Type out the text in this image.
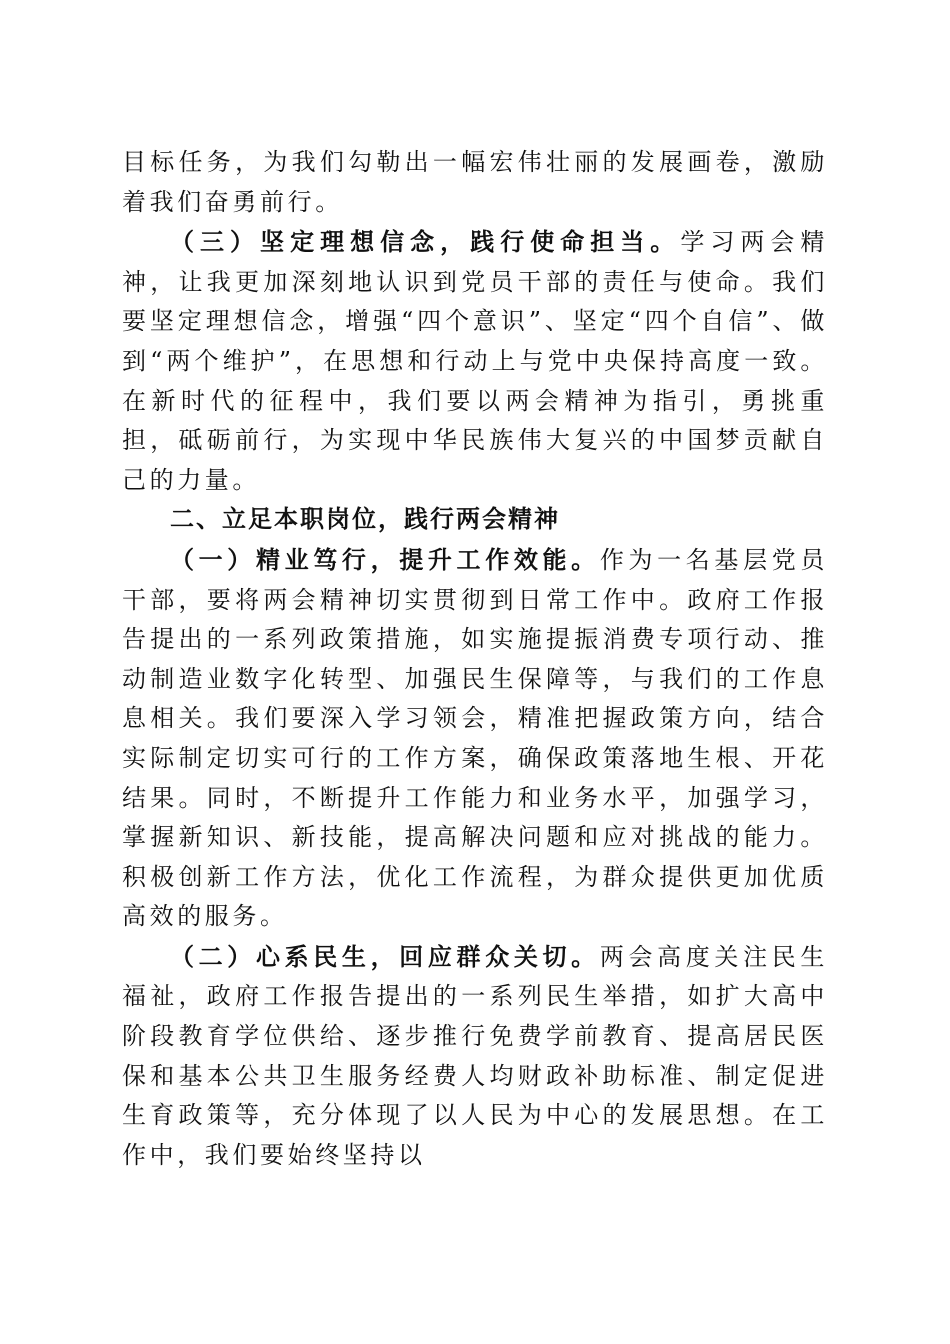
目标任务，为我们勾勒出一幅宏伟壮丽的发展画卷，激励着我们奋勇前行。

（三）坚定理想信念，践行使命担当。学习两会精神，让我更加深刻地认识到党员干部的责任与使命。我们要坚定理想信念，增强“四个意识”、坚定“四个自信”、做到“两个维护”，在思想和行动上与党中央保持高度一致。在新时代的征程中，我们要以两会精神为指引，勇挑重担，砥砺前行，为实现中华民族伟大复兴的中国梦贡献自己的力量。

二、立足本职岗位，践行两会精神

（一）精业笃行，提升工作效能。作为一名基层党员干部，要将两会精神切实贯彻到日常工作中。政府工作报告提出的一系列政策措施，如实施提振消费专项行动、推动制造业数字化转型、加强民生保障等，与我们的工作息息相关。我们要深入学习领会，精准把握政策方向，结合实际制定切实可行的工作方案，确保政策落地生根、开花结果。同时，不断提升工作能力和业务水平，加强学习，掌握新知识、新技能，提高解决问题和应对挑战的能力。积极创新工作方法，优化工作流程，为群众提供更加优质高效的服务。

（二）心系民生，回应群众关切。两会高度关注民生福祉，政府工作报告提出的一系列民生举措，如扩大高中阶段教育学位供给、逐步推行免费学前教育、提高居民医保和基本公共卫生服务经费人均财政补助标准、制定促进生育政策等，充分体现了以人民为中心的发展思想。在工作中，我们要始终坚持以
